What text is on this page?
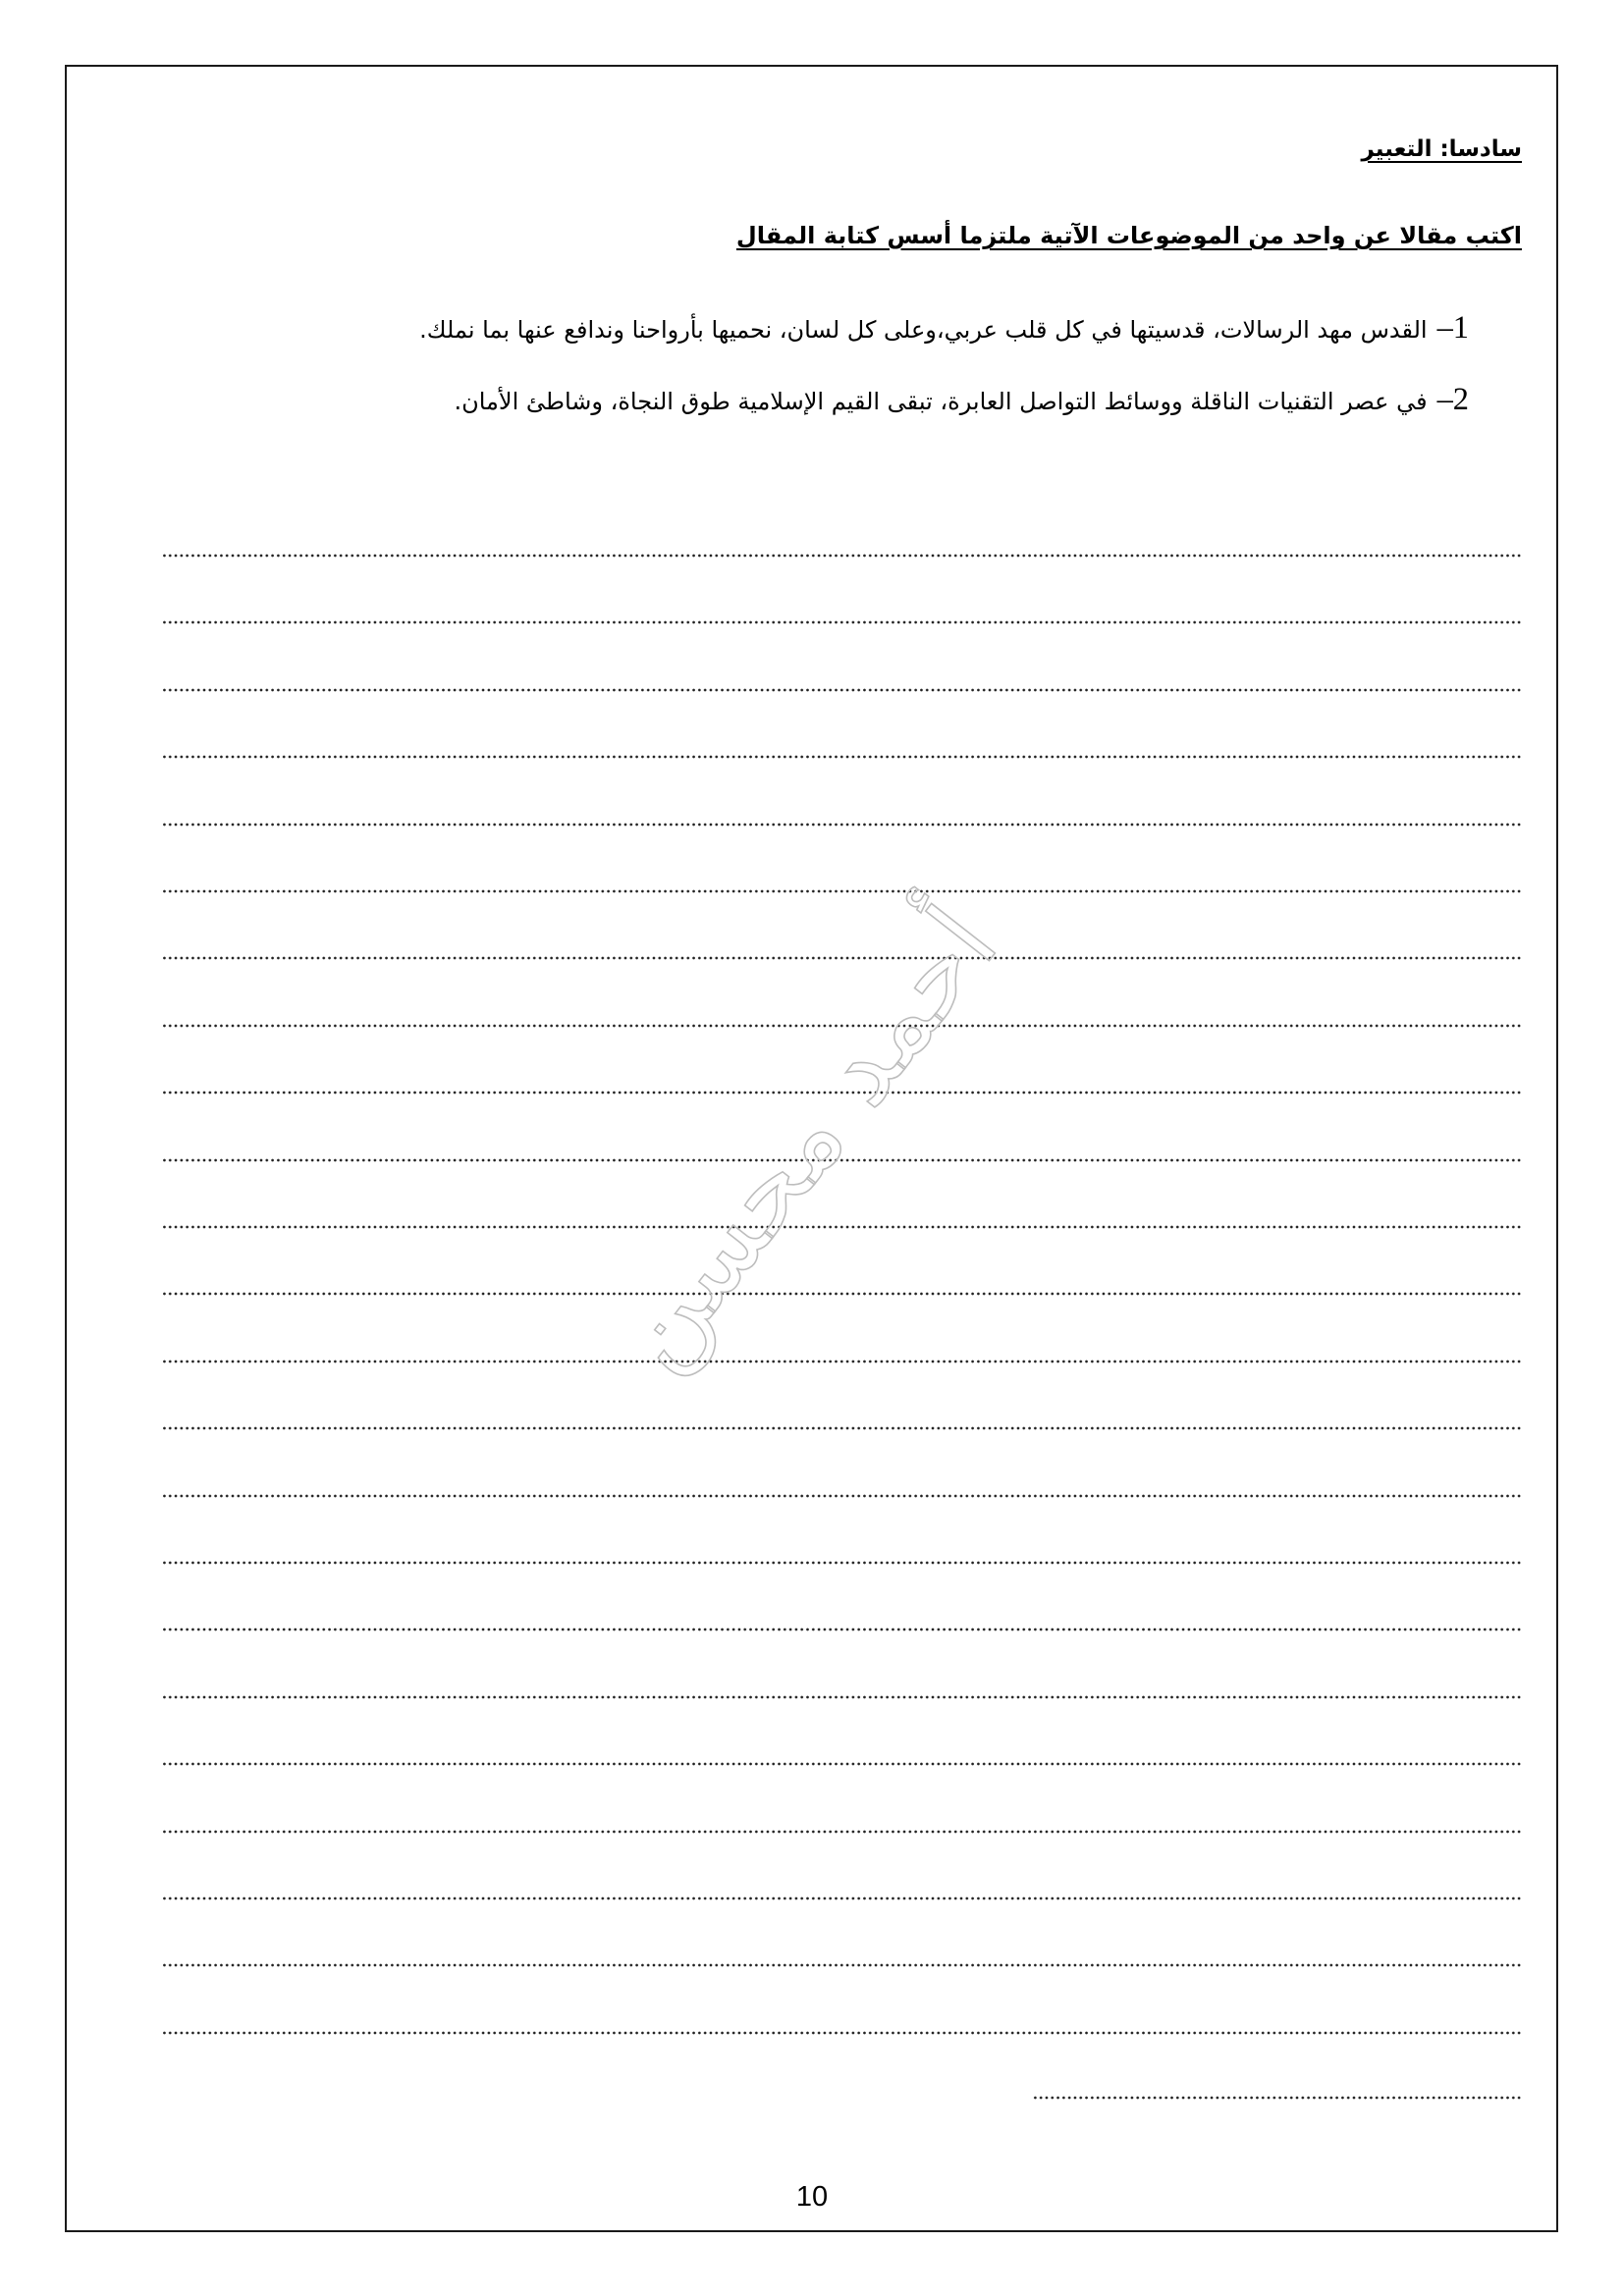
سادسا: التعبير
اكتب مقالا عن واحد من الموضوعات الآتية ملتزما أسس كتابة المقال
1–القدس مهد الرسالات، قدسيتها في كل قلب عربي،وعلى كل لسان، نحميها بأرواحنا وندافع عنها بما نملك.
2–في عصر التقنيات الناقلة ووسائط التواصل العابرة، تبقى القيم الإسلامية طوق النجاة، وشاطئ الأمان.
أحمد محسن
10
